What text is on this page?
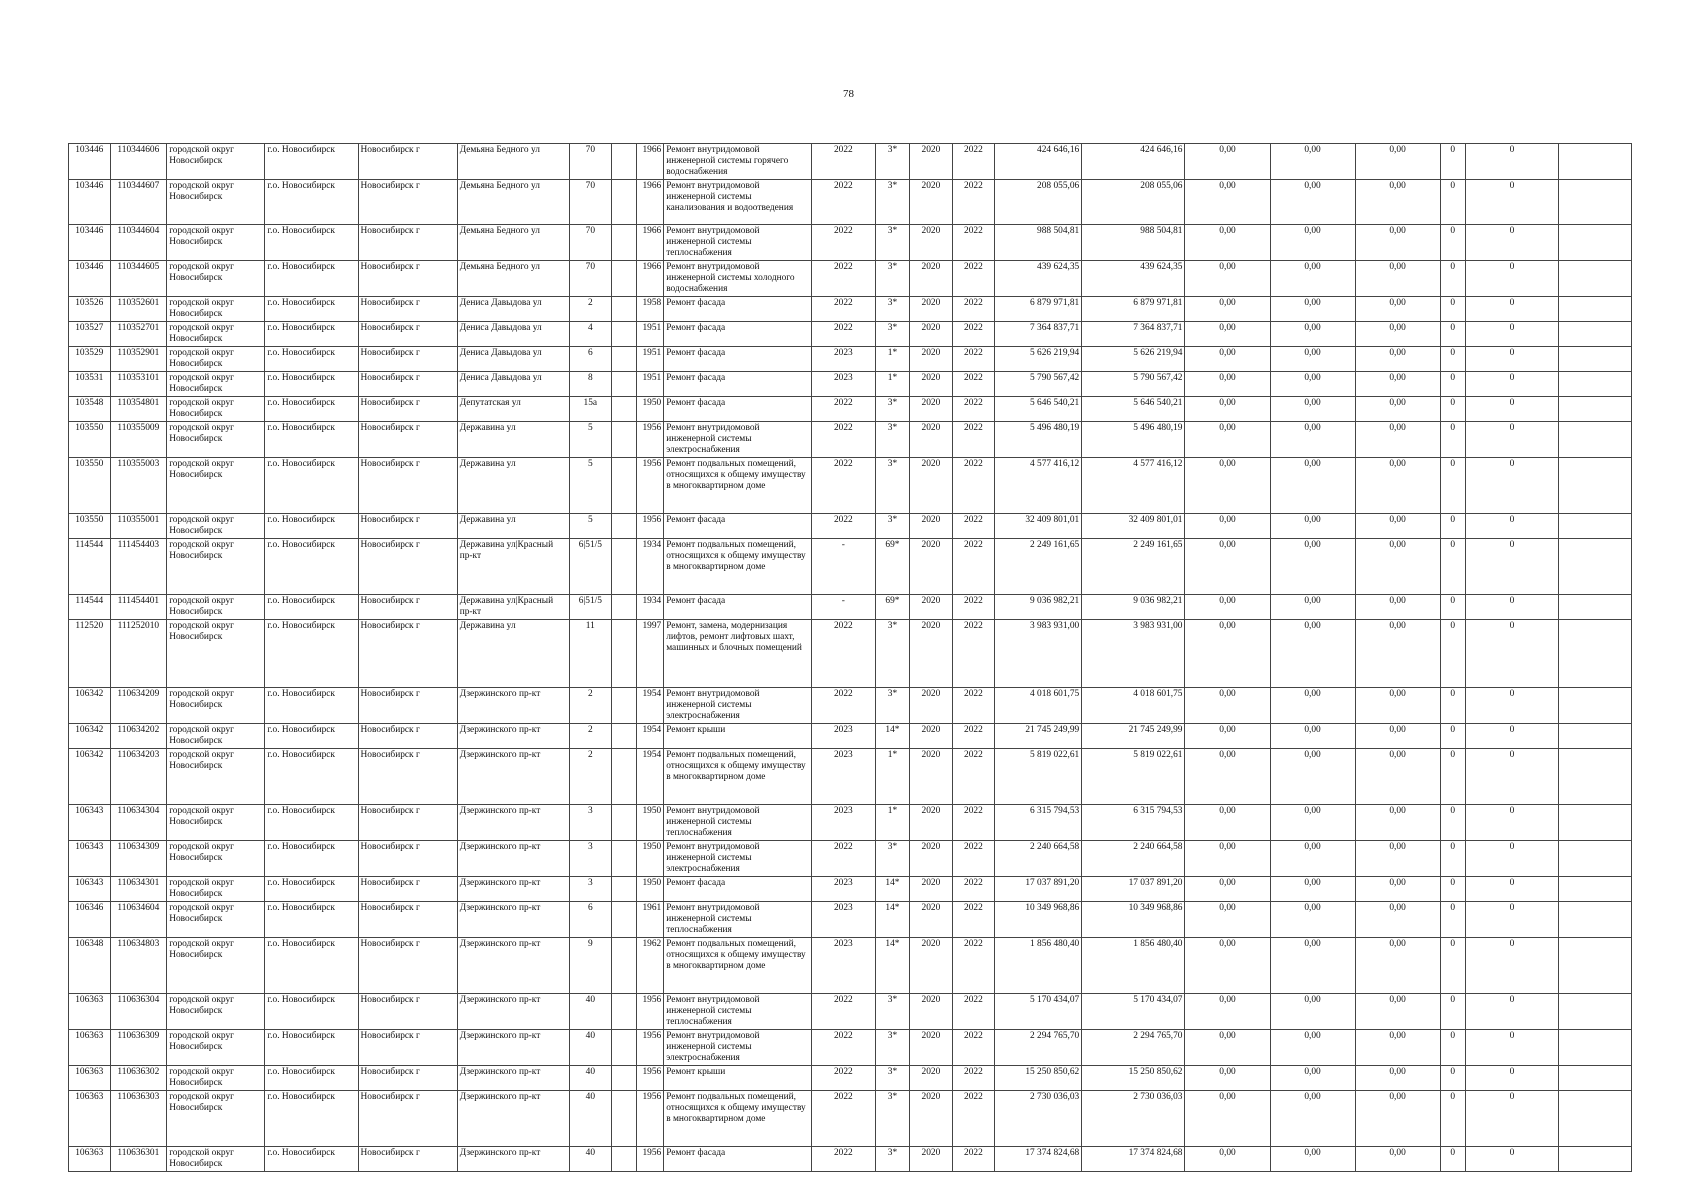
78
103446	110344606	городской округ Новосибирск	г.о. Новосибирск	Новосибирск г	Демьяна Бедного ул	70		1966	Ремонт внутридомовой инженерной системы горячего водоснабжения	2022	3*	2020	2022	424 646,16	424 646,16	0,00	0,00	0,00	0	0	
103446	110344607	городской округ Новосибирск	г.о. Новосибирск	Новосибирск г	Демьяна Бедного ул	70		1966	Ремонт внутридомовой инженерной системы канализования и водоотведения	2022	3*	2020	2022	208 055,06	208 055,06	0,00	0,00	0,00	0	0	
103446	110344604	городской округ Новосибирск	г.о. Новосибирск	Новосибирск г	Демьяна Бедного ул	70		1966	Ремонт внутридомовой инженерной системы теплоснабжения	2022	3*	2020	2022	988 504,81	988 504,81	0,00	0,00	0,00	0	0	
103446	110344605	городской округ Новосибирск	г.о. Новосибирск	Новосибирск г	Демьяна Бедного ул	70		1966	Ремонт внутридомовой инженерной системы холодного водоснабжения	2022	3*	2020	2022	439 624,35	439 624,35	0,00	0,00	0,00	0	0	
103526	110352601	городской округ Новосибирск	г.о. Новосибирск	Новосибирск г	Дениса Давыдова ул	2		1958	Ремонт фасада	2022	3*	2020	2022	6 879 971,81	6 879 971,81	0,00	0,00	0,00	0	0	
103527	110352701	городской округ Новосибирск	г.о. Новосибирск	Новосибирск г	Дениса Давыдова ул	4		1951	Ремонт фасада	2022	3*	2020	2022	7 364 837,71	7 364 837,71	0,00	0,00	0,00	0	0	
103529	110352901	городской округ Новосибирск	г.о. Новосибирск	Новосибирск г	Дениса Давыдова ул	6		1951	Ремонт фасада	2023	1*	2020	2022	5 626 219,94	5 626 219,94	0,00	0,00	0,00	0	0	
103531	110353101	городской округ Новосибирск	г.о. Новосибирск	Новосибирск г	Дениса Давыдова ул	8		1951	Ремонт фасада	2023	1*	2020	2022	5 790 567,42	5 790 567,42	0,00	0,00	0,00	0	0	
103548	110354801	городской округ Новосибирск	г.о. Новосибирск	Новосибирск г	Депутатская ул	15а		1950	Ремонт фасада	2022	3*	2020	2022	5 646 540,21	5 646 540,21	0,00	0,00	0,00	0	0	
103550	110355009	городской округ Новосибирск	г.о. Новосибирск	Новосибирск г	Державина ул	5		1956	Ремонт внутридомовой инженерной системы электроснабжения	2022	3*	2020	2022	5 496 480,19	5 496 480,19	0,00	0,00	0,00	0	0	
103550	110355003	городской округ Новосибирск	г.о. Новосибирск	Новосибирск г	Державина ул	5		1956	Ремонт подвальных помещений, относящихся к общему имуществу в многоквартирном доме	2022	3*	2020	2022	4 577 416,12	4 577 416,12	0,00	0,00	0,00	0	0	
103550	110355001	городской округ Новосибирск	г.о. Новосибирск	Новосибирск г	Державина ул	5		1956	Ремонт фасада	2022	3*	2020	2022	32 409 801,01	32 409 801,01	0,00	0,00	0,00	0	0	
114544	111454403	городской округ Новосибирск	г.о. Новосибирск	Новосибирск г	Державина ул|Красный пр-кт	6|51/5		1934	Ремонт подвальных помещений, относящихся к общему имуществу в многоквартирном доме	-	69*	2020	2022	2 249 161,65	2 249 161,65	0,00	0,00	0,00	0	0	
114544	111454401	городской округ Новосибирск	г.о. Новосибирск	Новосибирск г	Державина ул|Красный пр-кт	6|51/5		1934	Ремонт фасада	-	69*	2020	2022	9 036 982,21	9 036 982,21	0,00	0,00	0,00	0	0	
112520	111252010	городской округ Новосибирск	г.о. Новосибирск	Новосибирск г	Державина ул	11		1997	Ремонт, замена, модернизация лифтов, ремонт лифтовых шахт, машинных и блочных помещений	2022	3*	2020	2022	3 983 931,00	3 983 931,00	0,00	0,00	0,00	0	0	
106342	110634209	городской округ Новосибирск	г.о. Новосибирск	Новосибирск г	Дзержинского пр-кт	2		1954	Ремонт внутридомовой инженерной системы электроснабжения	2022	3*	2020	2022	4 018 601,75	4 018 601,75	0,00	0,00	0,00	0	0	
106342	110634202	городской округ Новосибирск	г.о. Новосибирск	Новосибирск г	Дзержинского пр-кт	2		1954	Ремонт крыши	2023	14*	2020	2022	21 745 249,99	21 745 249,99	0,00	0,00	0,00	0	0	
106342	110634203	городской округ Новосибирск	г.о. Новосибирск	Новосибирск г	Дзержинского пр-кт	2		1954	Ремонт подвальных помещений, относящихся к общему имуществу в многоквартирном доме	2023	1*	2020	2022	5 819 022,61	5 819 022,61	0,00	0,00	0,00	0	0	
106343	110634304	городской округ Новосибирск	г.о. Новосибирск	Новосибирск г	Дзержинского пр-кт	3		1950	Ремонт внутридомовой инженерной системы теплоснабжения	2023	1*	2020	2022	6 315 794,53	6 315 794,53	0,00	0,00	0,00	0	0	
106343	110634309	городской округ Новосибирск	г.о. Новосибирск	Новосибирск г	Дзержинского пр-кт	3		1950	Ремонт внутридомовой инженерной системы электроснабжения	2022	3*	2020	2022	2 240 664,58	2 240 664,58	0,00	0,00	0,00	0	0	
106343	110634301	городской округ Новосибирск	г.о. Новосибирск	Новосибирск г	Дзержинского пр-кт	3		1950	Ремонт фасада	2023	14*	2020	2022	17 037 891,20	17 037 891,20	0,00	0,00	0,00	0	0	
106346	110634604	городской округ Новосибирск	г.о. Новосибирск	Новосибирск г	Дзержинского пр-кт	6		1961	Ремонт внутридомовой инженерной системы теплоснабжения	2023	14*	2020	2022	10 349 968,86	10 349 968,86	0,00	0,00	0,00	0	0	
106348	110634803	городской округ Новосибирск	г.о. Новосибирск	Новосибирск г	Дзержинского пр-кт	9		1962	Ремонт подвальных помещений, относящихся к общему имуществу в многоквартирном доме	2023	14*	2020	2022	1 856 480,40	1 856 480,40	0,00	0,00	0,00	0	0	
106363	110636304	городской округ Новосибирск	г.о. Новосибирск	Новосибирск г	Дзержинского пр-кт	40		1956	Ремонт внутридомовой инженерной системы теплоснабжения	2022	3*	2020	2022	5 170 434,07	5 170 434,07	0,00	0,00	0,00	0	0	
106363	110636309	городской округ Новосибирск	г.о. Новосибирск	Новосибирск г	Дзержинского пр-кт	40		1956	Ремонт внутридомовой инженерной системы электроснабжения	2022	3*	2020	2022	2 294 765,70	2 294 765,70	0,00	0,00	0,00	0	0	
106363	110636302	городской округ Новосибирск	г.о. Новосибирск	Новосибирск г	Дзержинского пр-кт	40		1956	Ремонт крыши	2022	3*	2020	2022	15 250 850,62	15 250 850,62	0,00	0,00	0,00	0	0	
106363	110636303	городской округ Новосибирск	г.о. Новосибирск	Новосибирск г	Дзержинского пр-кт	40		1956	Ремонт подвальных помещений, относящихся к общему имуществу в многоквартирном доме	2022	3*	2020	2022	2 730 036,03	2 730 036,03	0,00	0,00	0,00	0	0	
106363	110636301	городской округ Новосибирск	г.о. Новосибирск	Новосибирск г	Дзержинского пр-кт	40		1956	Ремонт фасада	2022	3*	2020	2022	17 374 824,68	17 374 824,68	0,00	0,00	0,00	0	0	
